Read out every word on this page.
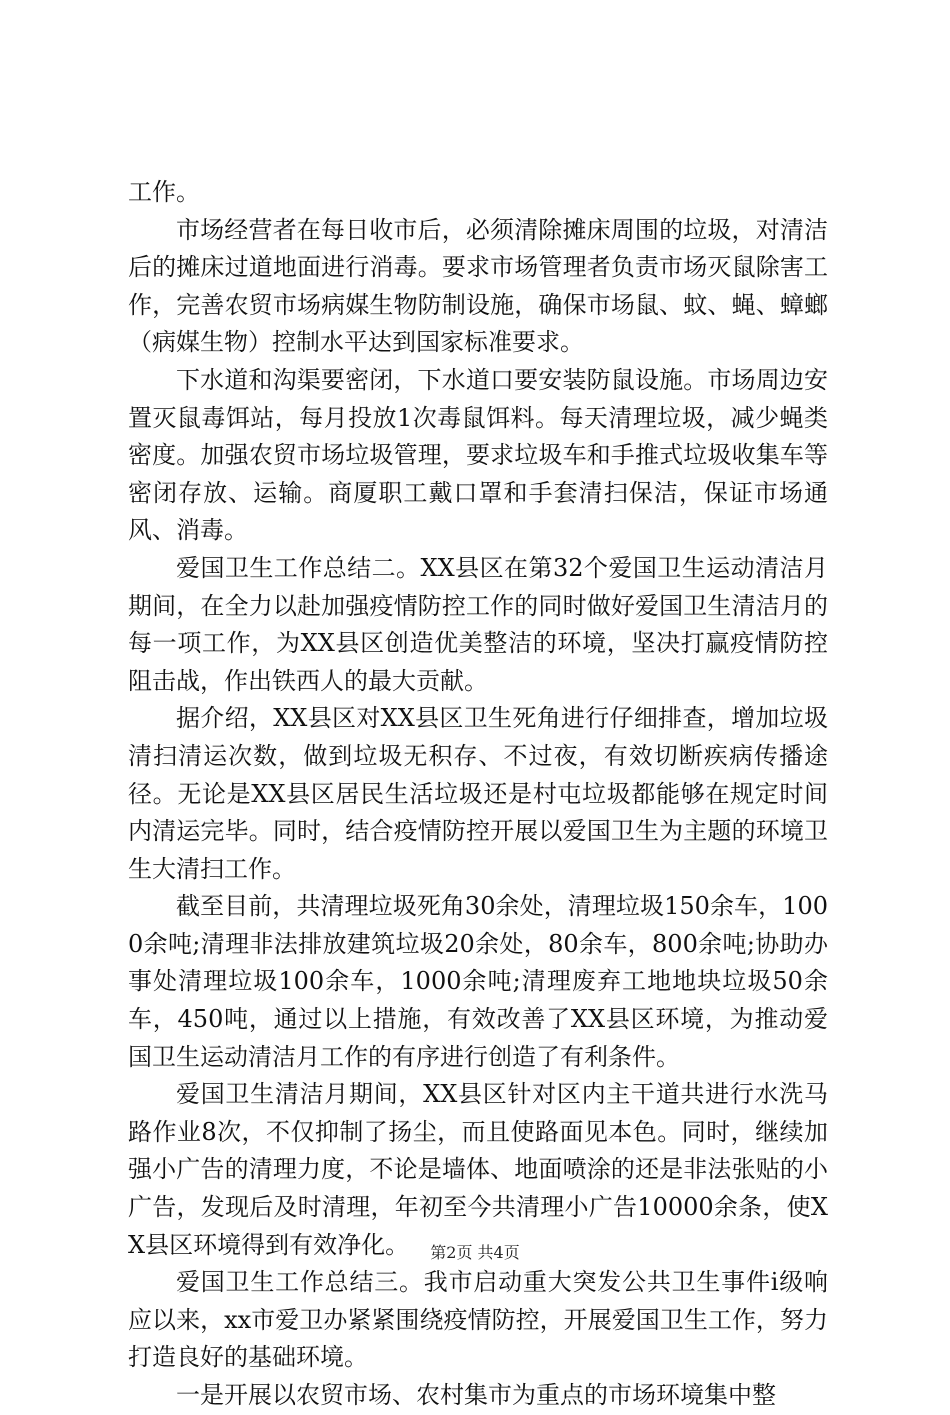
工作。

市场经营者在每日收市后，必须清除摊床周围的垃圾，对清洁后的摊床过道地面进行消毒。要求市场管理者负责市场灭鼠除害工作，完善农贸市场病媒生物防制设施，确保市场鼠、蚊、蝇、蟑螂（病媒生物）控制水平达到国家标准要求。

下水道和沟渠要密闭，下水道口要安装防鼠设施。市场周边安置灭鼠毒饵站，每月投放1次毒鼠饵料。每天清理垃圾，减少蝇类密度。加强农贸市场垃圾管理，要求垃圾车和手推式垃圾收集车等密闭存放、运输。商厦职工戴口罩和手套清扫保洁，保证市场通风、消毒。

爱国卫生工作总结二。XX县区在第32个爱国卫生运动清洁月期间，在全力以赴加强疫情防控工作的同时做好爱国卫生清洁月的每一项工作，为XX县区创造优美整洁的环境，坚决打赢疫情防控阻击战，作出铁西人的最大贡献。

据介绍，XX县区对XX县区卫生死角进行仔细排查，增加垃圾清扫清运次数，做到垃圾无积存、不过夜，有效切断疾病传播途径。无论是XX县区居民生活垃圾还是村屯垃圾都能够在规定时间内清运完毕。同时，结合疫情防控开展以爱国卫生为主题的环境卫生大清扫工作。

截至目前，共清理垃圾死角30余处，清理垃圾150余车，1000余吨;清理非法排放建筑垃圾20余处，80余车，800余吨;协助办事处清理垃圾100余车，1000余吨;清理废弃工地地块垃圾50余车，450吨，通过以上措施，有效改善了XX县区环境，为推动爱国卫生运动清洁月工作的有序进行创造了有利条件。

爱国卫生清洁月期间，XX县区针对区内主干道共进行水洗马路作业8次，不仅抑制了扬尘，而且使路面见本色。同时，继续加强小广告的清理力度，不论是墙体、地面喷涂的还是非法张贴的小广告，发现后及时清理，年初至今共清理小广告10000余条，使XX县区环境得到有效净化。

爱国卫生工作总结三。我市启动重大突发公共卫生事件i级响应以来，xx市爱卫办紧紧围绕疫情防控，开展爱国卫生工作，努力打造良好的基础环境。

一是开展以农贸市场、农村集市为重点的市场环境集中整

第2页 共4页
